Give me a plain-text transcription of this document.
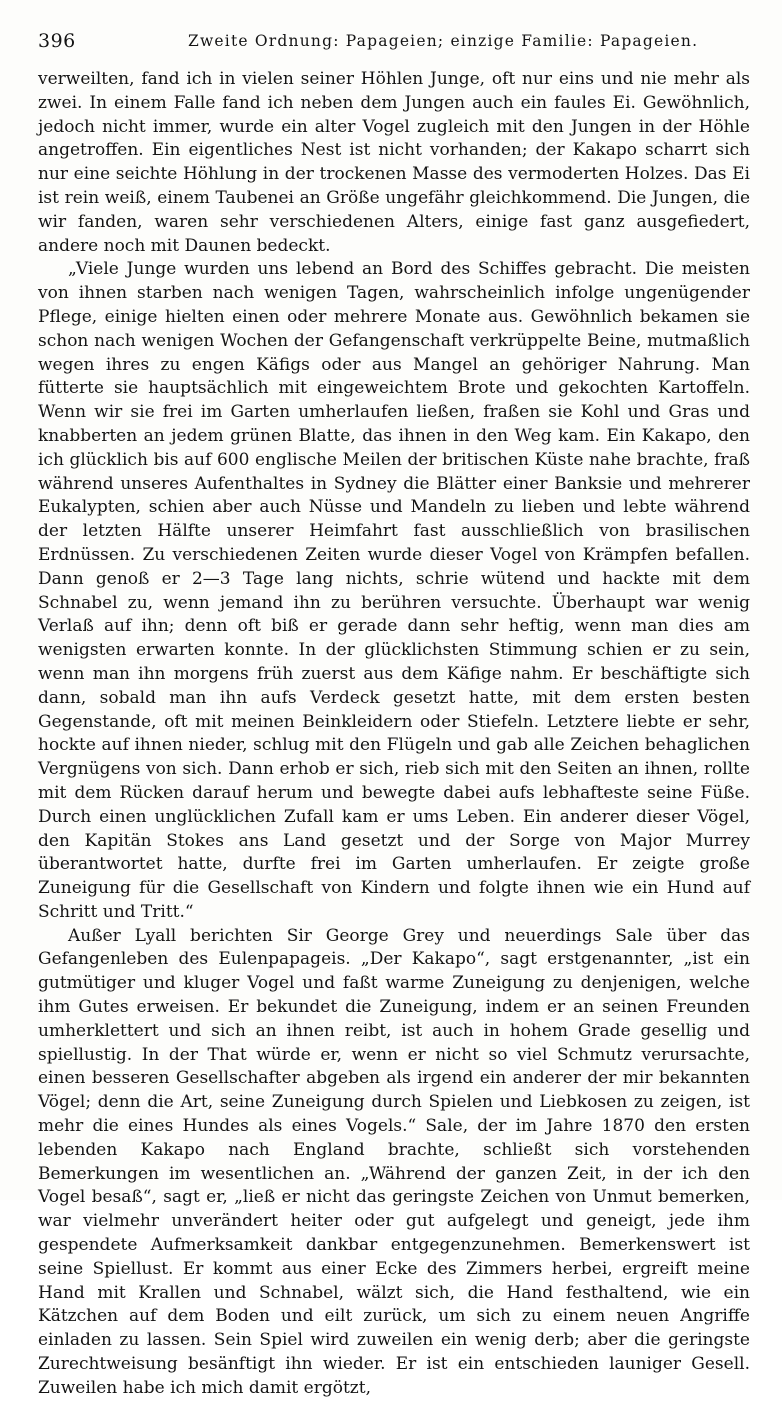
396	Zweite Ordnung: Papageien; einzige Familie: Papageien.

verweilten, fand ich in vielen seiner Höhlen Junge, oft nur eins und nie mehr als zwei. In einem Falle fand ich neben dem Jungen auch ein faules Ei. Gewöhnlich, jedoch nicht immer, wurde ein alter Vogel zugleich mit den Jungen in der Höhle angetroffen. Ein eigentliches Nest ist nicht vorhanden; der Kakapo scharrt sich nur eine seichte Höhlung in der trockenen Masse des vermoderten Holzes. Das Ei ist rein weiß, einem Taubenei an Größe ungefähr gleichkommend. Die Jungen, die wir fanden, waren sehr verschiedenen Alters, einige fast ganz ausgefiedert, andere noch mit Daunen bedeckt.

„Viele Junge wurden uns lebend an Bord des Schiffes gebracht. Die meisten von ihnen starben nach wenigen Tagen, wahrscheinlich infolge ungenügender Pflege, einige hielten einen oder mehrere Monate aus. Gewöhnlich bekamen sie schon nach wenigen Wochen der Gefangenschaft verkrüppelte Beine, mutmaßlich wegen ihres zu engen Käfigs oder aus Mangel an gehöriger Nahrung. Man fütterte sie hauptsächlich mit eingeweichtem Brote und gekochten Kartoffeln. Wenn wir sie frei im Garten umherlaufen ließen, fraßen sie Kohl und Gras und knabberten an jedem grünen Blatte, das ihnen in den Weg kam. Ein Kakapo, den ich glücklich bis auf 600 englische Meilen der britischen Küste nahe brachte, fraß während unseres Aufenthaltes in Sydney die Blätter einer Banksie und mehrerer Eukalypten, schien aber auch Nüsse und Mandeln zu lieben und lebte während der letzten Hälfte unserer Heimfahrt fast ausschließlich von brasilischen Erdnüssen. Zu verschiedenen Zeiten wurde dieser Vogel von Krämpfen befallen. Dann genoß er 2—3 Tage lang nichts, schrie wütend und hackte mit dem Schnabel zu, wenn jemand ihn zu berühren versuchte. Überhaupt war wenig Verlaß auf ihn; denn oft biß er gerade dann sehr heftig, wenn man dies am wenigsten erwarten konnte. In der glücklichsten Stimmung schien er zu sein, wenn man ihn morgens früh zuerst aus dem Käfige nahm. Er beschäftigte sich dann, sobald man ihn aufs Verdeck gesetzt hatte, mit dem ersten besten Gegenstande, oft mit meinen Beinkleidern oder Stiefeln. Letztere liebte er sehr, hockte auf ihnen nieder, schlug mit den Flügeln und gab alle Zeichen behaglichen Vergnügens von sich. Dann erhob er sich, rieb sich mit den Seiten an ihnen, rollte mit dem Rücken darauf herum und bewegte dabei aufs lebhafteste seine Füße. Durch einen unglücklichen Zufall kam er ums Leben. Ein anderer dieser Vögel, den Kapitän Stokes ans Land gesetzt und der Sorge von Major Murrey überantwortet hatte, durfte frei im Garten umherlaufen. Er zeigte große Zuneigung für die Gesellschaft von Kindern und folgte ihnen wie ein Hund auf Schritt und Tritt.“

Außer Lyall berichten Sir George Grey und neuerdings Sale über das Gefangenleben des Eulenpapageis. „Der Kakapo“, sagt erstgenannter, „ist ein gutmütiger und kluger Vogel und faßt warme Zuneigung zu denjenigen, welche ihm Gutes erweisen. Er bekundet die Zuneigung, indem er an seinen Freunden umherklettert und sich an ihnen reibt, ist auch in hohem Grade gesellig und spiellustig. In der That würde er, wenn er nicht so viel Schmutz verursachte, einen besseren Gesellschafter abgeben als irgend ein anderer der mir bekannten Vögel; denn die Art, seine Zuneigung durch Spielen und Liebkosen zu zeigen, ist mehr die eines Hundes als eines Vogels.“ Sale, der im Jahre 1870 den ersten lebenden Kakapo nach England brachte, schließt sich vorstehenden Bemerkungen im wesentlichen an. „Während der ganzen Zeit, in der ich den Vogel besaß“, sagt er, „ließ er nicht das geringste Zeichen von Unmut bemerken, war vielmehr unverändert heiter oder gut aufgelegt und geneigt, jede ihm gespendete Aufmerksamkeit dankbar entgegenzunehmen. Bemerkenswert ist seine Spiellust. Er kommt aus einer Ecke des Zimmers herbei, ergreift meine Hand mit Krallen und Schnabel, wälzt sich, die Hand festhaltend, wie ein Kätzchen auf dem Boden und eilt zurück, um sich zu einem neuen Angriffe einladen zu lassen. Sein Spiel wird zuweilen ein wenig derb; aber die geringste Zurechtweisung besänftigt ihn wieder. Er ist ein entschieden launiger Gesell. Zuweilen habe ich mich damit ergötzt,
